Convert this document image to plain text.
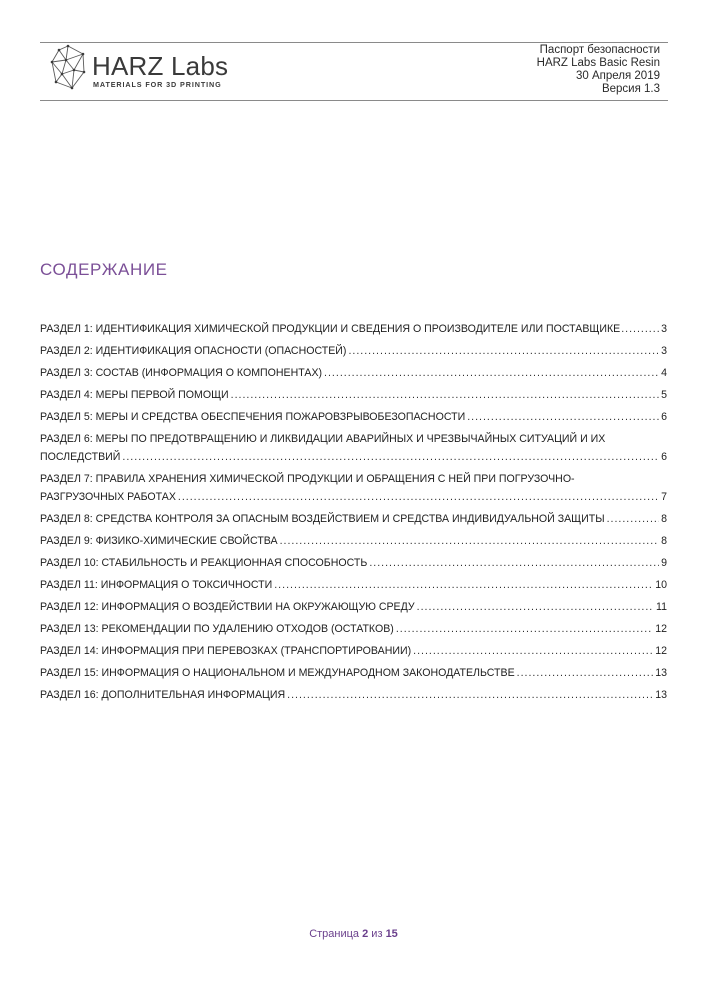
HARZ Labs
MATERIALS FOR 3D PRINTING
Паспорт безопасности
HARZ Labs Basic Resin
30 Апреля 2019
Версия 1.3
СОДЕРЖАНИЕ
РАЗДЕЛ 1: ИДЕНТИФИКАЦИЯ ХИМИЧЕСКОЙ ПРОДУКЦИИ И СВЕДЕНИЯ О ПРОИЗВОДИТЕЛЕ ИЛИ ПОСТАВЩИКЕ .....	3
РАЗДЕЛ 2: ИДЕНТИФИКАЦИЯ ОПАСНОСТИ (ОПАСНОСТЕЙ) .....	3
РАЗДЕЛ 3: СОСТАВ (ИНФОРМАЦИЯ О КОМПОНЕНТАХ) .....	4
РАЗДЕЛ 4: МЕРЫ ПЕРВОЙ ПОМОЩИ .....	5
РАЗДЕЛ 5: МЕРЫ И СРЕДСТВА ОБЕСПЕЧЕНИЯ ПОЖАРОВЗРЫВОБЕЗОПАСНОСТИ .....	6
РАЗДЕЛ 6: МЕРЫ ПО ПРЕДОТВРАЩЕНИЮ И ЛИКВИДАЦИИ АВАРИЙНЫХ И ЧРЕЗВЫЧАЙНЫХ СИТУАЦИЙ И ИХ
ПОСЛЕДСТВИЙ .....	6
РАЗДЕЛ 7: ПРАВИЛА ХРАНЕНИЯ ХИМИЧЕСКОЙ ПРОДУКЦИИ И ОБРАЩЕНИЯ С НЕЙ ПРИ ПОГРУЗОЧНО-
РАЗГРУЗОЧНЫХ РАБОТАХ .....	7
РАЗДЕЛ 8: СРЕДСТВА КОНТРОЛЯ ЗА ОПАСНЫМ ВОЗДЕЙСТВИЕМ И СРЕДСТВА ИНДИВИДУАЛЬНОЙ ЗАЩИТЫ .....	8
РАЗДЕЛ 9: ФИЗИКО-ХИМИЧЕСКИЕ СВОЙСТВА .....	8
РАЗДЕЛ 10: СТАБИЛЬНОСТЬ И РЕАКЦИОННАЯ СПОСОБНОСТЬ .....	9
РАЗДЕЛ 11: ИНФОРМАЦИЯ О ТОКСИЧНОСТИ .....	10
РАЗДЕЛ 12: ИНФОРМАЦИЯ О ВОЗДЕЙСТВИИ НА ОКРУЖАЮЩУЮ СРЕДУ .....	11
РАЗДЕЛ 13: РЕКОМЕНДАЦИИ ПО УДАЛЕНИЮ ОТХОДОВ (ОСТАТКОВ) .....	12
РАЗДЕЛ 14: ИНФОРМАЦИЯ ПРИ ПЕРЕВОЗКАХ (ТРАНСПОРТИРОВАНИИ) .....	12
РАЗДЕЛ 15: ИНФОРМАЦИЯ О НАЦИОНАЛЬНОМ И МЕЖДУНАРОДНОМ ЗАКОНОДАТЕЛЬСТВЕ .....	13
РАЗДЕЛ 16: ДОПОЛНИТЕЛЬНАЯ ИНФОРМАЦИЯ .....	13
Страница 2 из 15
